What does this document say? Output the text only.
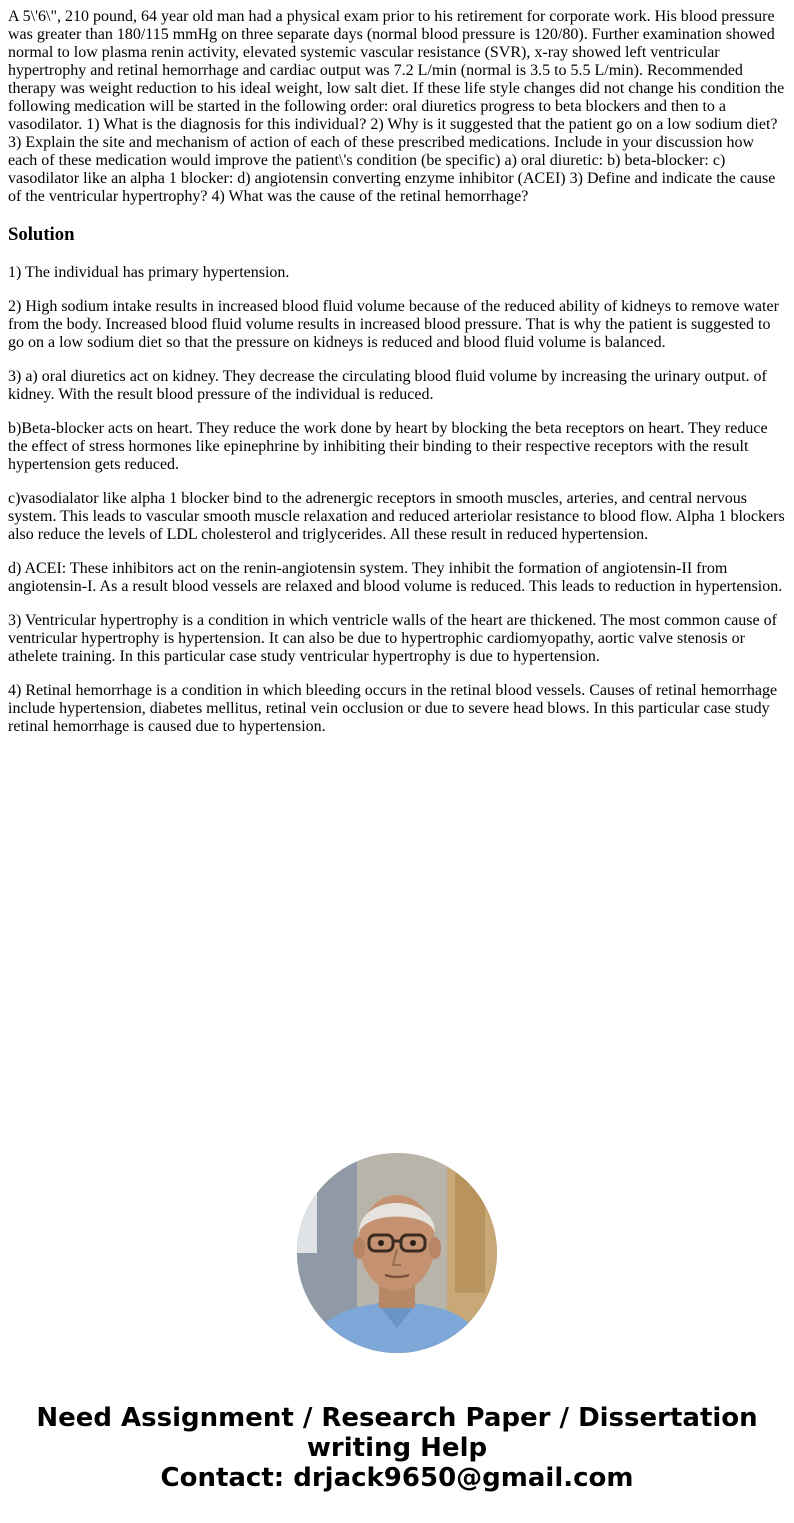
A 5\'6\", 210 pound, 64 year old man had a physical exam prior to his retirement for corporate work. His blood pressure was greater than 180/115 mmHg on three separate days (normal blood pressure is 120/80). Further examination showed normal to low plasma renin activity, elevated systemic vascular resistance (SVR), x-ray showed left ventricular hypertrophy and retinal hemorrhage and cardiac output was 7.2 L/min (normal is 3.5 to 5.5 L/min). Recommended therapy was weight reduction to his ideal weight, low salt diet. If these life style changes did not change his condition the following medication will be started in the following order: oral diuretics progress to beta blockers and then to a vasodilator. 1) What is the diagnosis for this individual? 2) Why is it suggested that the patient go on a low sodium diet? 3) Explain the site and mechanism of action of each of these prescribed medications. Include in your discussion how each of these medication would improve the patient\'s condition (be specific) a) oral diuretic: b) beta-blocker: c) vasodilator like an alpha 1 blocker: d) angiotensin converting enzyme inhibitor (ACEI) 3) Define and indicate the cause of the ventricular hypertrophy? 4) What was the cause of the retinal hemorrhage?

Solution

1) The individual has primary hypertension.

2) High sodium intake results in increased blood fluid volume because of the reduced ability of kidneys to remove water from the body. Increased blood fluid volume results in increased blood pressure. That is why the patient is suggested to go on a low sodium diet so that the pressure on kidneys is reduced and blood fluid volume is balanced.

3) a) oral diuretics act on kidney. They decrease the circulating blood fluid volume by increasing the urinary output. of kidney. With the result blood pressure of the individual is reduced.

b)Beta-blocker acts on heart. They reduce the work done by heart by blocking the beta receptors on heart. They reduce the effect of stress hormones like epinephrine by inhibiting their binding to their respective receptors with the result hypertension gets reduced.

c)vasodialator like alpha 1 blocker bind to the adrenergic receptors in smooth muscles, arteries, and central nervous system. This leads to vascular smooth muscle relaxation and reduced arteriolar resistance to blood flow. Alpha 1 blockers also reduce the levels of LDL cholesterol and triglycerides. All these result in reduced hypertension.

d) ACEI: These inhibitors act on the renin-angiotensin system. They inhibit the formation of angiotensin-II from angiotensin-I. As a result blood vessels are relaxed and blood volume is reduced. This leads to reduction in hypertension.

3) Ventricular hypertrophy is a condition in which ventricle walls of the heart are thickened. The most common cause of ventricular hypertrophy is hypertension. It can also be due to hypertrophic cardiomyopathy, aortic valve stenosis or athelete training. In this particular case study ventricular hypertrophy is due to hypertension.

4) Retinal hemorrhage is a condition in which bleeding occurs in the retinal blood vessels. Causes of retinal hemorrhage include hypertension, diabetes mellitus, retinal vein occlusion or due to severe head blows. In this particular case study retinal hemorrhage is caused due to hypertension.

Need Assignment / Research Paper / Dissertation
writing Help
Contact: drjack9650@gmail.com
